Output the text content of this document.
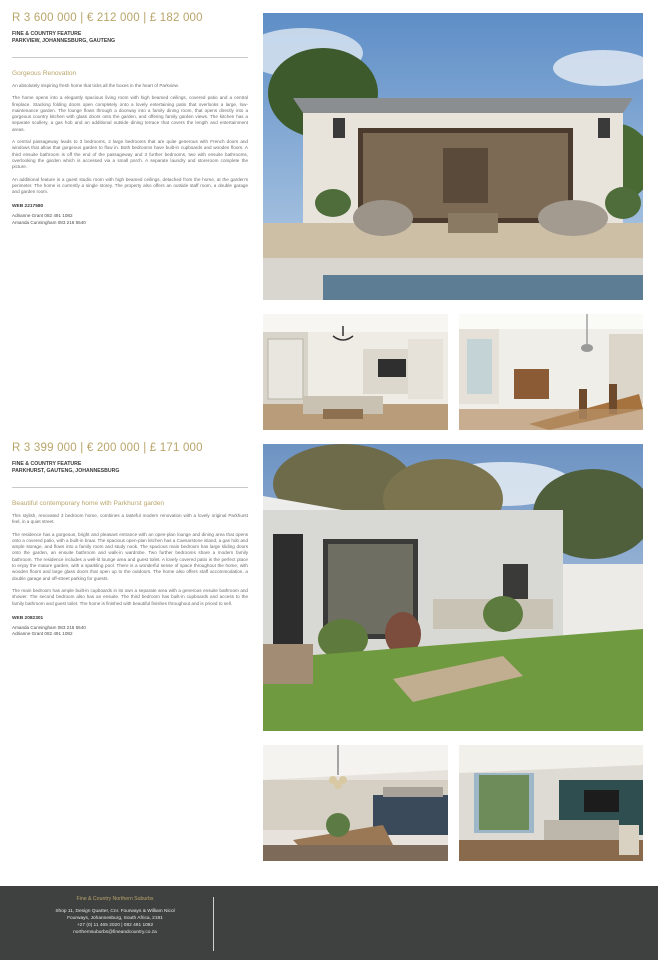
R 3 600 000 | € 212 000 | £ 182 000
FINE & COUNTRY FEATURE
PARKVIEW, JOHANNESBURG, GAUTENG
Gorgeous Renovation

An absolutely inspiring fresh home that ticks all the boxes in the heart of Parkview.

The home opens into a elegantly spacious living room with high beamed ceilings, covered patio and a central fireplace. Stacking folding doors open completely onto a lovely entertaining patio that overlooks a large, low-maintenance garden. The lounge flows through a doorway into a family dining room, that opens directly into a gorgeous country kitchen with glass doors onto the garden, and offering family garden views. The kitchen has a separate scullery, a gas hob and an additional outside dining terrace that covers the length and entertainment areas.

A central passageway leads to 3 bedrooms, 2 large bedrooms that are quite generous with French doors and windows that allow that gorgeous garden to flow in. Both bedrooms have built-in cupboards and wooden floors. A third ensuite bathroom is off the end of the passageway and 3 further bedrooms, two with ensuite bathrooms, overlooking the garden which is accessed via a small porch. A separate laundry and storeroom complete the picture.

An additional feature is a guest studio room with high beamed ceilings, detached from the home, at the garden's perimeter. The home is currently a single storey. The property also offers an outside staff room, a double garage and garden room.

WEB 2217580
Adrianne Grant 082 491 1082
Amanda Cunningham 083 216 5540
R 3 399 000 | € 200 000 | £ 171 000
FINE & COUNTRY FEATURE
PARKHURST, GAUTENG, JOHANNESBURG
Beautiful contemporary home with Parkhurst garden

This stylish, renovated 3 bedroom home, combines a tasteful modern renovation with a lovely original Parkhurst feel, in a quiet street.

The residence has a gorgeous, bright and pleasant entrance with an open-plan lounge and dining area that opens onto a covered patio, with a built-in braai. The spacious open-plan kitchen has a Caesarstone island, a gas hob and ample storage, and flows into a family room and study nook. The spacious main bedroom has large sliding doors onto the garden, an ensuite bathroom and walk-in wardrobe. Two further bedrooms share a modern family bathroom. The residence includes a well-lit lounge area and guest toilet. A lovely covered patio is the perfect place to enjoy the mature garden, with a sparkling pool. There is a wonderful sense of space throughout the home, with wooden floors and large glass doors that open up to the outdoors. The home also offers staff accommodation, a double garage and off-street parking for guests.

The main bedroom has ample built-in cupboards in its own a separate area with a generous ensuite bathroom and shower. The second bedroom also has an ensuite. The third bedroom has built-in cupboards and access to the family bathroom and guest toilet. The home is finished with beautiful finishes throughout and is priced to sell.

WEB 2082301
Amanda Cunningham 083 216 5540
Adrianne Grant 082 491 1082
Fine & Country Northern Suburbs
Shop 11, Design Quarter, Cnr. Fourways & William Nicol
Fourways, Johannesburg, South Africa, 2191
+27 (0) 11 465 2020 | 082 491 1082
northernsuburbs@fineandcountry.co.za
